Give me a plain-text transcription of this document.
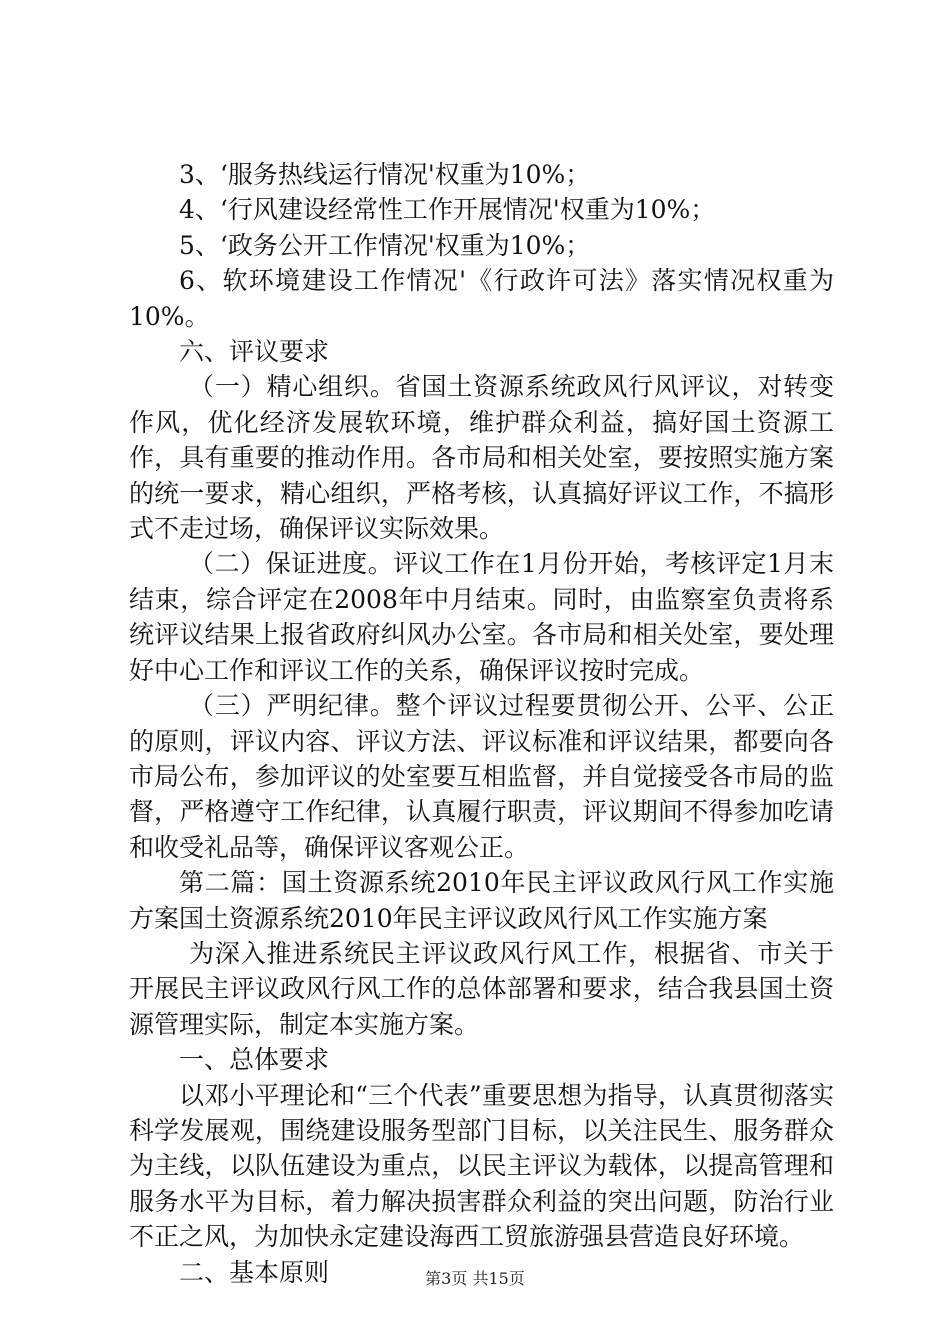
3、‘服务热线运行情况'权重为10%；

4、‘行风建设经常性工作开展情况'权重为10%；

5、‘政务公开工作情况'权重为10%；

6、软环境建设工作情况'《行政许可法》落实情况权重为10%。

六、评议要求

（一）精心组织。省国土资源系统政风行风评议，对转变作风，优化经济发展软环境，维护群众利益，搞好国土资源工作，具有重要的推动作用。各市局和相关处室，要按照实施方案的统一要求，精心组织，严格考核，认真搞好评议工作，不搞形式不走过场，确保评议实际效果。

（二）保证进度。评议工作在1月份开始，考核评定1月末结束，综合评定在2008年中月结束。同时，由监察室负责将系统评议结果上报省政府纠风办公室。各市局和相关处室，要处理好中心工作和评议工作的关系，确保评议按时完成。

（三）严明纪律。整个评议过程要贯彻公开、公平、公正的原则，评议内容、评议方法、评议标准和评议结果，都要向各市局公布，参加评议的处室要互相监督，并自觉接受各市局的监督，严格遵守工作纪律，认真履行职责，评议期间不得参加吃请和收受礼品等，确保评议客观公正。

第二篇：国土资源系统2010年民主评议政风行风工作实施方案国土资源系统2010年民主评议政风行风工作实施方案

为深入推进系统民主评议政风行风工作，根据省、市关于开展民主评议政风行风工作的总体部署和要求，结合我县国土资源管理实际，制定本实施方案。

一、总体要求

以邓小平理论和“三个代表”重要思想为指导，认真贯彻落实科学发展观，围绕建设服务型部门目标，以关注民生、服务群众为主线，以队伍建设为重点，以民主评议为载体，以提高管理和服务水平为目标，着力解决损害群众利益的突出问题，防治行业不正之风，为加快永定建设海西工贸旅游强县营造良好环境。

二、基本原则	第3页 共15页
